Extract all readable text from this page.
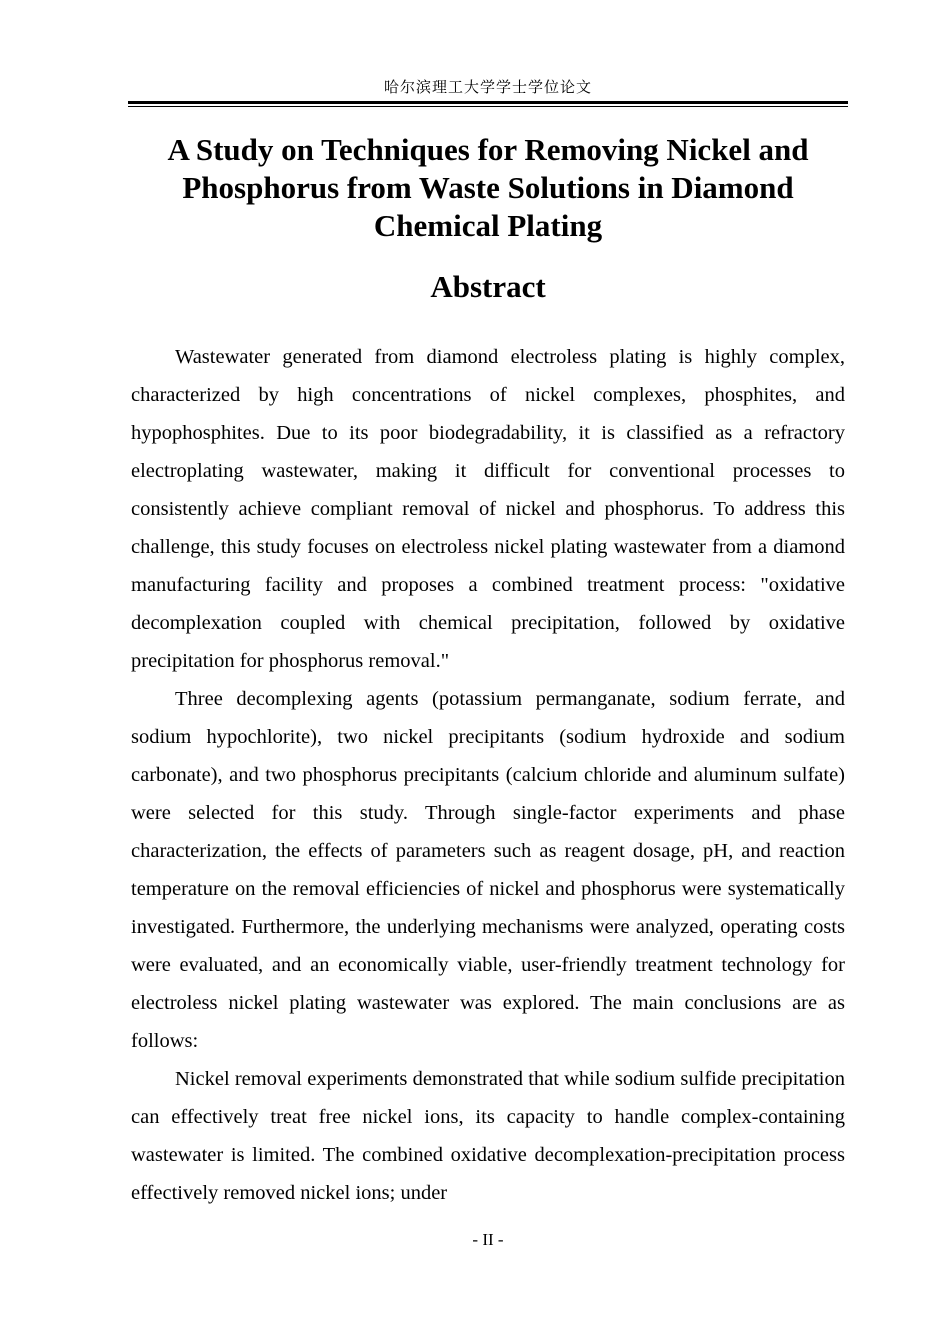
哈尔滨理工大学学士学位论文
A Study on Techniques for Removing Nickel and
Phosphorus from Waste Solutions in Diamond
Chemical Plating
Abstract

Wastewater generated from diamond electroless plating is highly complex, characterized by high concentrations of nickel complexes, phosphites, and hypophosphites. Due to its poor biodegradability, it is classified as a refractory electroplating wastewater, making it difficult for conventional processes to consistently achieve compliant removal of nickel and phosphorus. To address this challenge, this study focuses on electroless nickel plating wastewater from a diamond manufacturing facility and proposes a combined treatment process: "oxidative decomplexation coupled with chemical precipitation, followed by oxidative precipitation for phosphorus removal."

Three decomplexing agents (potassium permanganate, sodium ferrate, and sodium hypochlorite), two nickel precipitants (sodium hydroxide and sodium carbonate), and two phosphorus precipitants (calcium chloride and aluminum sulfate) were selected for this study. Through single-factor experiments and phase characterization, the effects of parameters such as reagent dosage, pH, and reaction temperature on the removal efficiencies of nickel and phosphorus were systematically investigated. Furthermore, the underlying mechanisms were analyzed, operating costs were evaluated, and an economically viable, user-friendly treatment technology for electroless nickel plating wastewater was explored. The main conclusions are as follows:

Nickel removal experiments demonstrated that while sodium sulfide precipitation can effectively treat free nickel ions, its capacity to handle complex-containing wastewater is limited. The combined oxidative decomplexation-precipitation process effectively removed nickel ions; under

- II -
